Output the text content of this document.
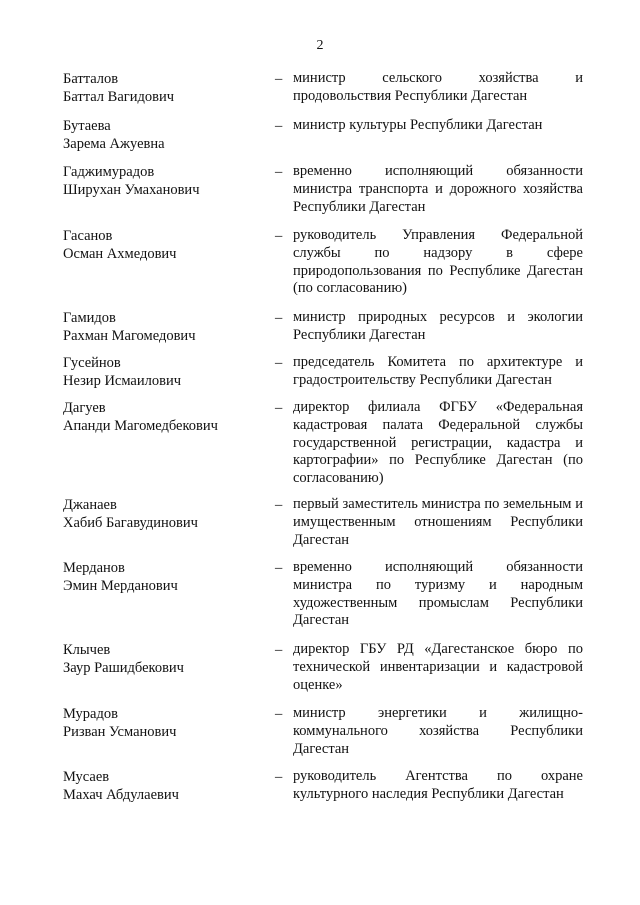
2
Батталов
Баттал Вагидович
– министр сельского хозяйства и продовольствия Республики Дагестан
Бутаева
Зарема Ажуевна
– министр культуры Республики Дагестан
Гаджимурадов
Ширухан Умаханович
– временно исполняющий обязанности министра транспорта и дорожного хозяйства Республики Дагестан
Гасанов
Осман Ахмедович
– руководитель Управления Федеральной службы по надзору в сфере природопользования по Республике Дагестан (по согласованию)
Гамидов
Рахман Магомедович
– министр природных ресурсов и экологии Республики Дагестан
Гусейнов
Незир Исмаилович
– председатель Комитета по архитектуре и градостроительству Республики Дагестан
Дагуев
Апанди Магомедбекович
– директор филиала ФГБУ «Федеральная кадастровая палата Федеральной службы государственной регистрации, кадастра и картографии» по Республике Дагестан (по согласованию)
Джанаев
Хабиб Багавудинович
– первый заместитель министра по земельным и имущественным отношениям Республики Дагестан
Мерданов
Эмин Мерданович
– временно исполняющий обязанности министра по туризму и народным художественным промыслам Республики Дагестан
Клычев
Заур Рашидбекович
– директор ГБУ РД «Дагестанское бюро по технической инвентаризации и кадастровой оценке»
Мурадов
Ризван Усманович
– министр энергетики и жилищно-коммунального хозяйства Республики Дагестан
Мусаев
Махач Абдулаевич
– руководитель Агентства по охране культурного наследия Республики Дагестан
